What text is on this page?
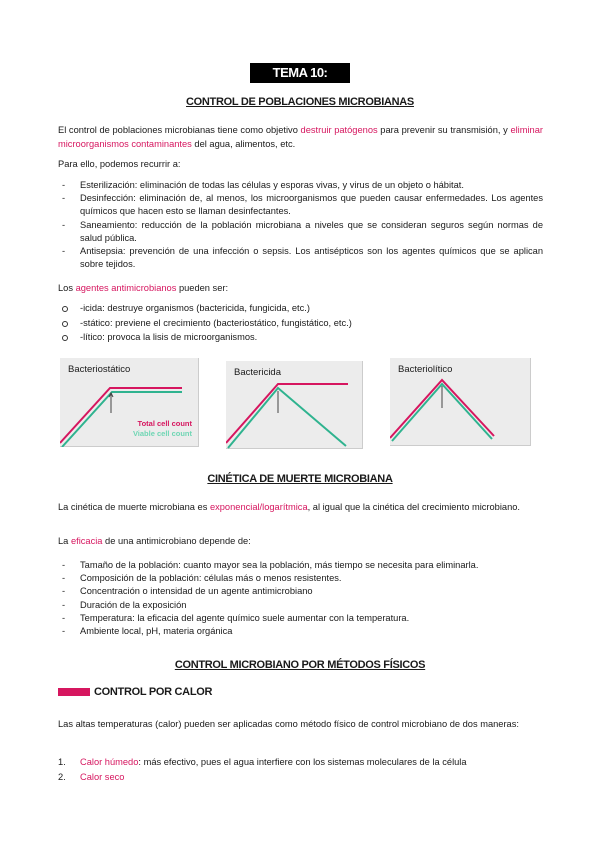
TEMA 10: CONTROL
CONTROL DE POBLACIONES MICROBIANAS

El control de poblaciones microbianas tiene como objetivo destruir patógenos para prevenir su transmisión, y eliminar microorganismos contaminantes del agua, alimentos, etc.

Para ello, podemos recurrir a:

- Esterilización: eliminación de todas las células y esporas vivas, y virus de un objeto o hábitat.
- Desinfección: eliminación de, al menos, los microorganismos que pueden causar enfermedades. Los agentes químicos que hacen esto se llaman desinfectantes.
- Saneamiento: reducción de la población microbiana a niveles que se consideran seguros según normas de salud pública.
- Antisepsia: prevención de una infección o sepsis. Los antisépticos son los agentes químicos que se aplican sobre tejidos.

Los agentes antimicrobianos pueden ser:

-icida: destruye organismos (bactericida, fungicida, etc.)
-stático: previene el crecimiento (bacteriostático, fungistático, etc.)
-lítico: provoca la lisis de microorganismos.
Bacteriostático
Total cell count
Viable cell count
Bactericida	Bacteriolítico
CINÉTICA DE MUERTE MICROBIANA

La cinética de muerte microbiana es exponencial/logarítmica, al igual que la cinética del crecimiento microbiano.

La eficacia de una antimicrobiano depende de:

- Tamaño de la población: cuanto mayor sea la población, más tiempo se necesita para eliminarla.
- Composición de la población: células más o menos resistentes.
- Concentración o intensidad de un agente antimicrobiano
- Duración de la exposición
- Temperatura: la eficacia del agente químico suele aumentar con la temperatura.
- Ambiente local, pH, materia orgánica
CONTROL MICROBIANO POR MÉTODOS FÍSICOS
CONTROL POR CALOR

Las altas temperaturas (calor) pueden ser aplicadas como método físico de control microbiano de dos maneras:

1. Calor húmedo: más efectivo, pues el agua interfiere con los sistemas moleculares de la célula
2. Calor seco
